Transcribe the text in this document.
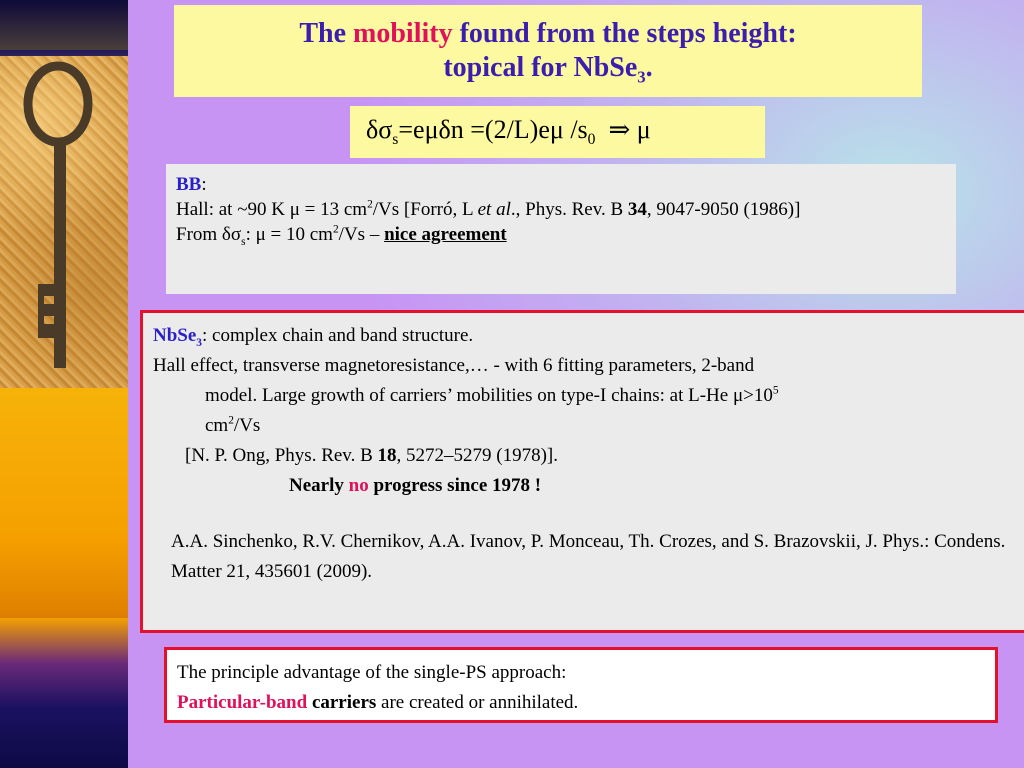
The mobility found from the steps height:
topical for NbSe$_3$.
$\delta\sigma_s=e\mu\delta n =(2/L)e\mu$ $/s_0$  ⇒ μ
BB:
Hall: at ~90 K μ = 13 $cm^2/Vs$ [Forró, L et al., Phys. Rev. B 34, 9047-9050 (1986)]
From $\delta\sigma_s$: μ = 10 $cm^2/Vs$ – nice agreement
NbSe$_3$: complex chain and band structure.
Hall effect, transverse magnetoresistance,… - with 6 fitting parameters, 2-band
model. Large growth of carriers’ mobilities on type-I chains: at L-He $\mu>10^5$
$cm^2/Vs$
[N. P. Ong, Phys. Rev. B 18, 5272–5279 (1978)].
Nearly no progress since 1978 !
A.A. Sinchenko, R.V. Chernikov, A.A. Ivanov, P. Monceau, Th. Crozes, and S. Brazovskii, J. Phys.: Condens. Matter 21, 435601 (2009).
The principle advantage of the single-PS approach:
Particular-band carriers are created or annihilated.
